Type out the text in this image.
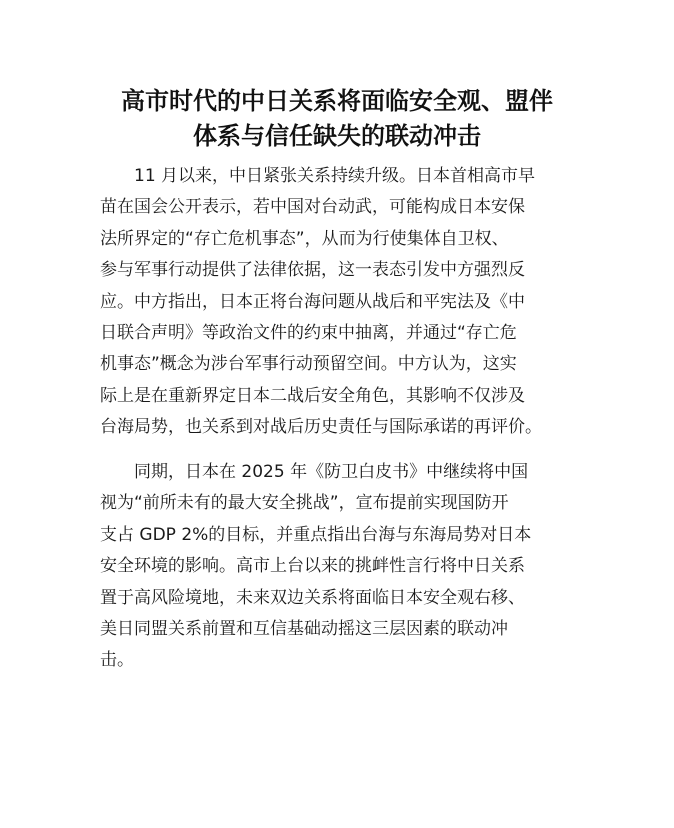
高市时代的中日关系将面临安全观、盟伴
体系与信任缺失的联动冲击
11 月以来，中日紧张关系持续升级。日本首相高市早
苗在国会公开表示，若中国对台动武，可能构成日本安保
法所界定的“存亡危机事态”，从而为行使集体自卫权、
参与军事行动提供了法律依据，这一表态引发中方强烈反
应。中方指出，日本正将台海问题从战后和平宪法及《中
日联合声明》等政治文件的约束中抽离，并通过“存亡危
机事态”概念为涉台军事行动预留空间。中方认为，这实
际上是在重新界定日本二战后安全角色，其影响不仅涉及
台海局势，也关系到对战后历史责任与国际承诺的再评价。
同期，日本在 2025 年《防卫白皮书》中继续将中国
视为“前所未有的最大安全挑战”，宣布提前实现国防开
支占 GDP 2%的目标，并重点指出台海与东海局势对日本
安全环境的影响。高市上台以来的挑衅性言行将中日关系
置于高风险境地，未来双边关系将面临日本安全观右移、
美日同盟关系前置和互信基础动摇这三层因素的联动冲
击。
